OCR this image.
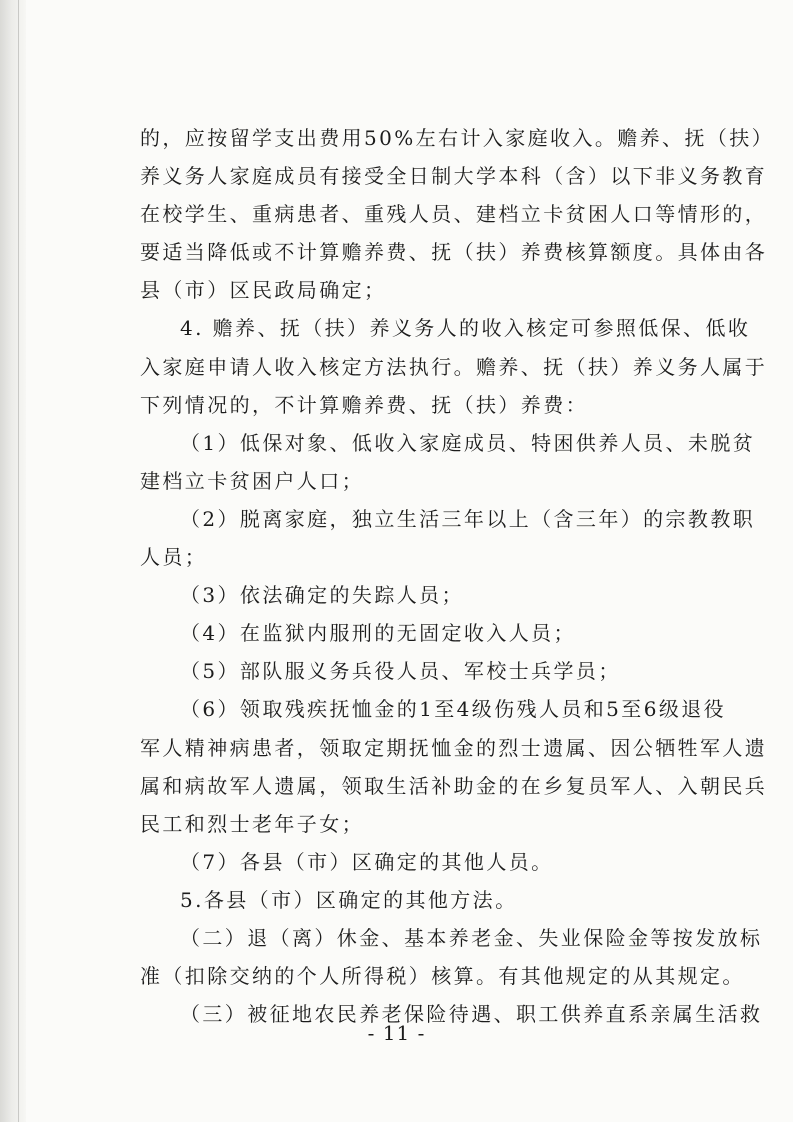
的，应按留学支出费用50%左右计入家庭收入。赡养、抚（扶）
养义务人家庭成员有接受全日制大学本科（含）以下非义务教育
在校学生、重病患者、重残人员、建档立卡贫困人口等情形的，
要适当降低或不计算赡养费、抚（扶）养费核算额度。具体由各
县（市）区民政局确定；
4. 赡养、抚（扶）养义务人的收入核定可参照低保、低收
入家庭申请人收入核定方法执行。赡养、抚（扶）养义务人属于
下列情况的，不计算赡养费、抚（扶）养费：
（1）低保对象、低收入家庭成员、特困供养人员、未脱贫
建档立卡贫困户人口；
（2）脱离家庭，独立生活三年以上（含三年）的宗教教职
人员；
（3）依法确定的失踪人员；
（4）在监狱内服刑的无固定收入人员；
（5）部队服义务兵役人员、军校士兵学员；
（6）领取残疾抚恤金的1至4级伤残人员和5至6级退役
军人精神病患者，领取定期抚恤金的烈士遗属、因公牺牲军人遗
属和病故军人遗属，领取生活补助金的在乡复员军人、入朝民兵
民工和烈士老年子女；
（7）各县（市）区确定的其他人员。
5.各县（市）区确定的其他方法。
（二）退（离）休金、基本养老金、失业保险金等按发放标
准（扣除交纳的个人所得税）核算。有其他规定的从其规定。
（三）被征地农民养老保险待遇、职工供养直系亲属生活救
- 11 -
